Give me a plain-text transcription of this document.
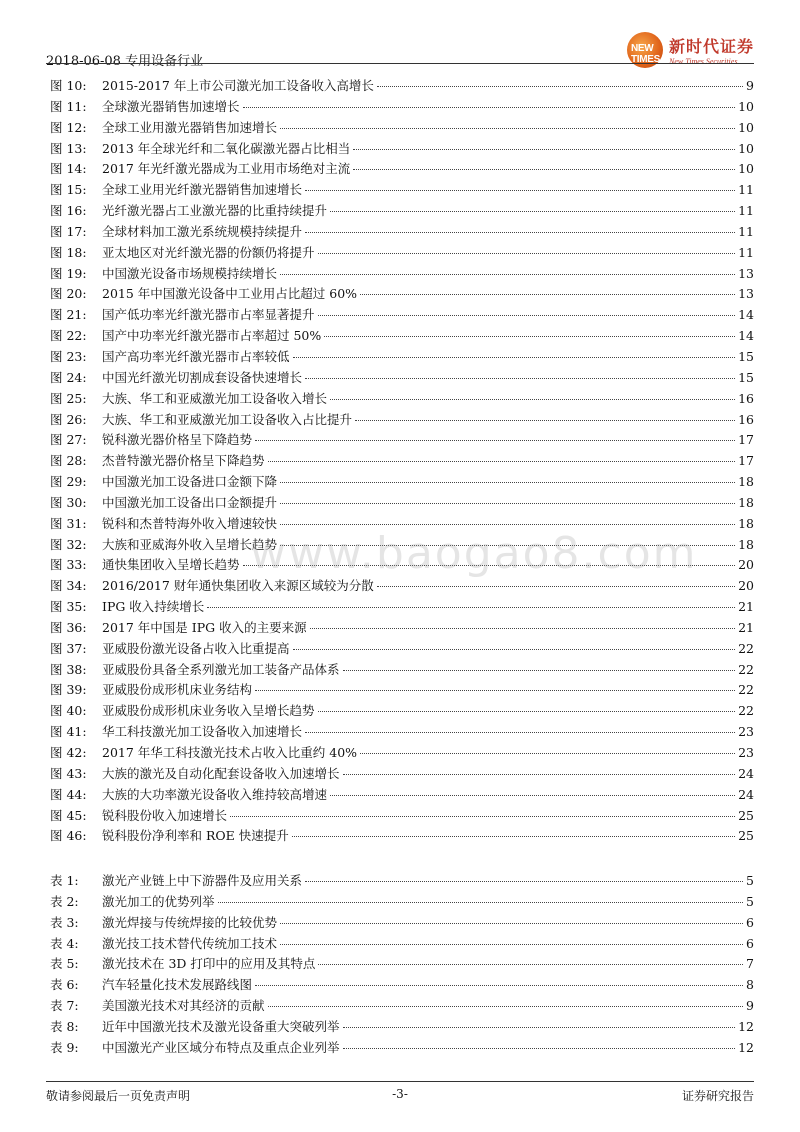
2018-06-08 专用设备行业
NEW TIMES
新时代证券
New Times Securities
图 10:	2015-2017 年上市公司激光加工设备收入高增长	9
图 11:	全球激光器销售加速增长	10
图 12:	全球工业用激光器销售加速增长	10
图 13:	2013 年全球光纤和二氧化碳激光器占比相当	10
图 14:	2017 年光纤激光器成为工业用市场绝对主流	10
图 15:	全球工业用光纤激光器销售加速增长	11
图 16:	光纤激光器占工业激光器的比重持续提升	11
图 17:	全球材料加工激光系统规模持续提升	11
图 18:	亚太地区对光纤激光器的份额仍将提升	11
图 19:	中国激光设备市场规模持续增长	13
图 20:	2015 年中国激光设备中工业用占比超过 60%	13
图 21:	国产低功率光纤激光器市占率显著提升	14
图 22:	国产中功率光纤激光器市占率超过 50%	14
图 23:	国产高功率光纤激光器市占率较低	15
图 24:	中国光纤激光切割成套设备快速增长	15
图 25:	大族、华工和亚威激光加工设备收入增长	16
图 26:	大族、华工和亚威激光加工设备收入占比提升	16
图 27:	锐科激光器价格呈下降趋势	17
图 28:	杰普特激光器价格呈下降趋势	17
图 29:	中国激光加工设备进口金额下降	18
图 30:	中国激光加工设备出口金额提升	18
图 31:	锐科和杰普特海外收入增速较快	18
图 32:	大族和亚威海外收入呈增长趋势	18
图 33:	通快集团收入呈增长趋势	20
图 34:	2016/2017 财年通快集团收入来源区域较为分散	20
图 35:	IPG 收入持续增长	21
图 36:	2017 年中国是 IPG 收入的主要来源	21
图 37:	亚威股份激光设备占收入比重提高	22
图 38:	亚威股份具备全系列激光加工装备产品体系	22
图 39:	亚威股份成形机床业务结构	22
图 40:	亚威股份成形机床业务收入呈增长趋势	22
图 41:	华工科技激光加工设备收入加速增长	23
图 42:	2017 年华工科技激光技术占收入比重约 40%	23
图 43:	大族的激光及自动化配套设备收入加速增长	24
图 44:	大族的大功率激光设备收入维持较高增速	24
图 45:	锐科股份收入加速增长	25
图 46:	锐科股份净利率和 ROE 快速提升	25
表 1:	激光产业链上中下游器件及应用关系	5
表 2:	激光加工的优势列举	5
表 3:	激光焊接与传统焊接的比较优势	6
表 4:	激光技工技术替代传统加工技术	6
表 5:	激光技术在 3D 打印中的应用及其特点	7
表 6:	汽车轻量化技术发展路线图	8
表 7:	美国激光技术对其经济的贡献	9
表 8:	近年中国激光技术及激光设备重大突破列举	12
表 9:	中国激光产业区域分布特点及重点企业列举	12
www.baogao8.com
敬请参阅最后一页免责声明	-3-	证券研究报告
